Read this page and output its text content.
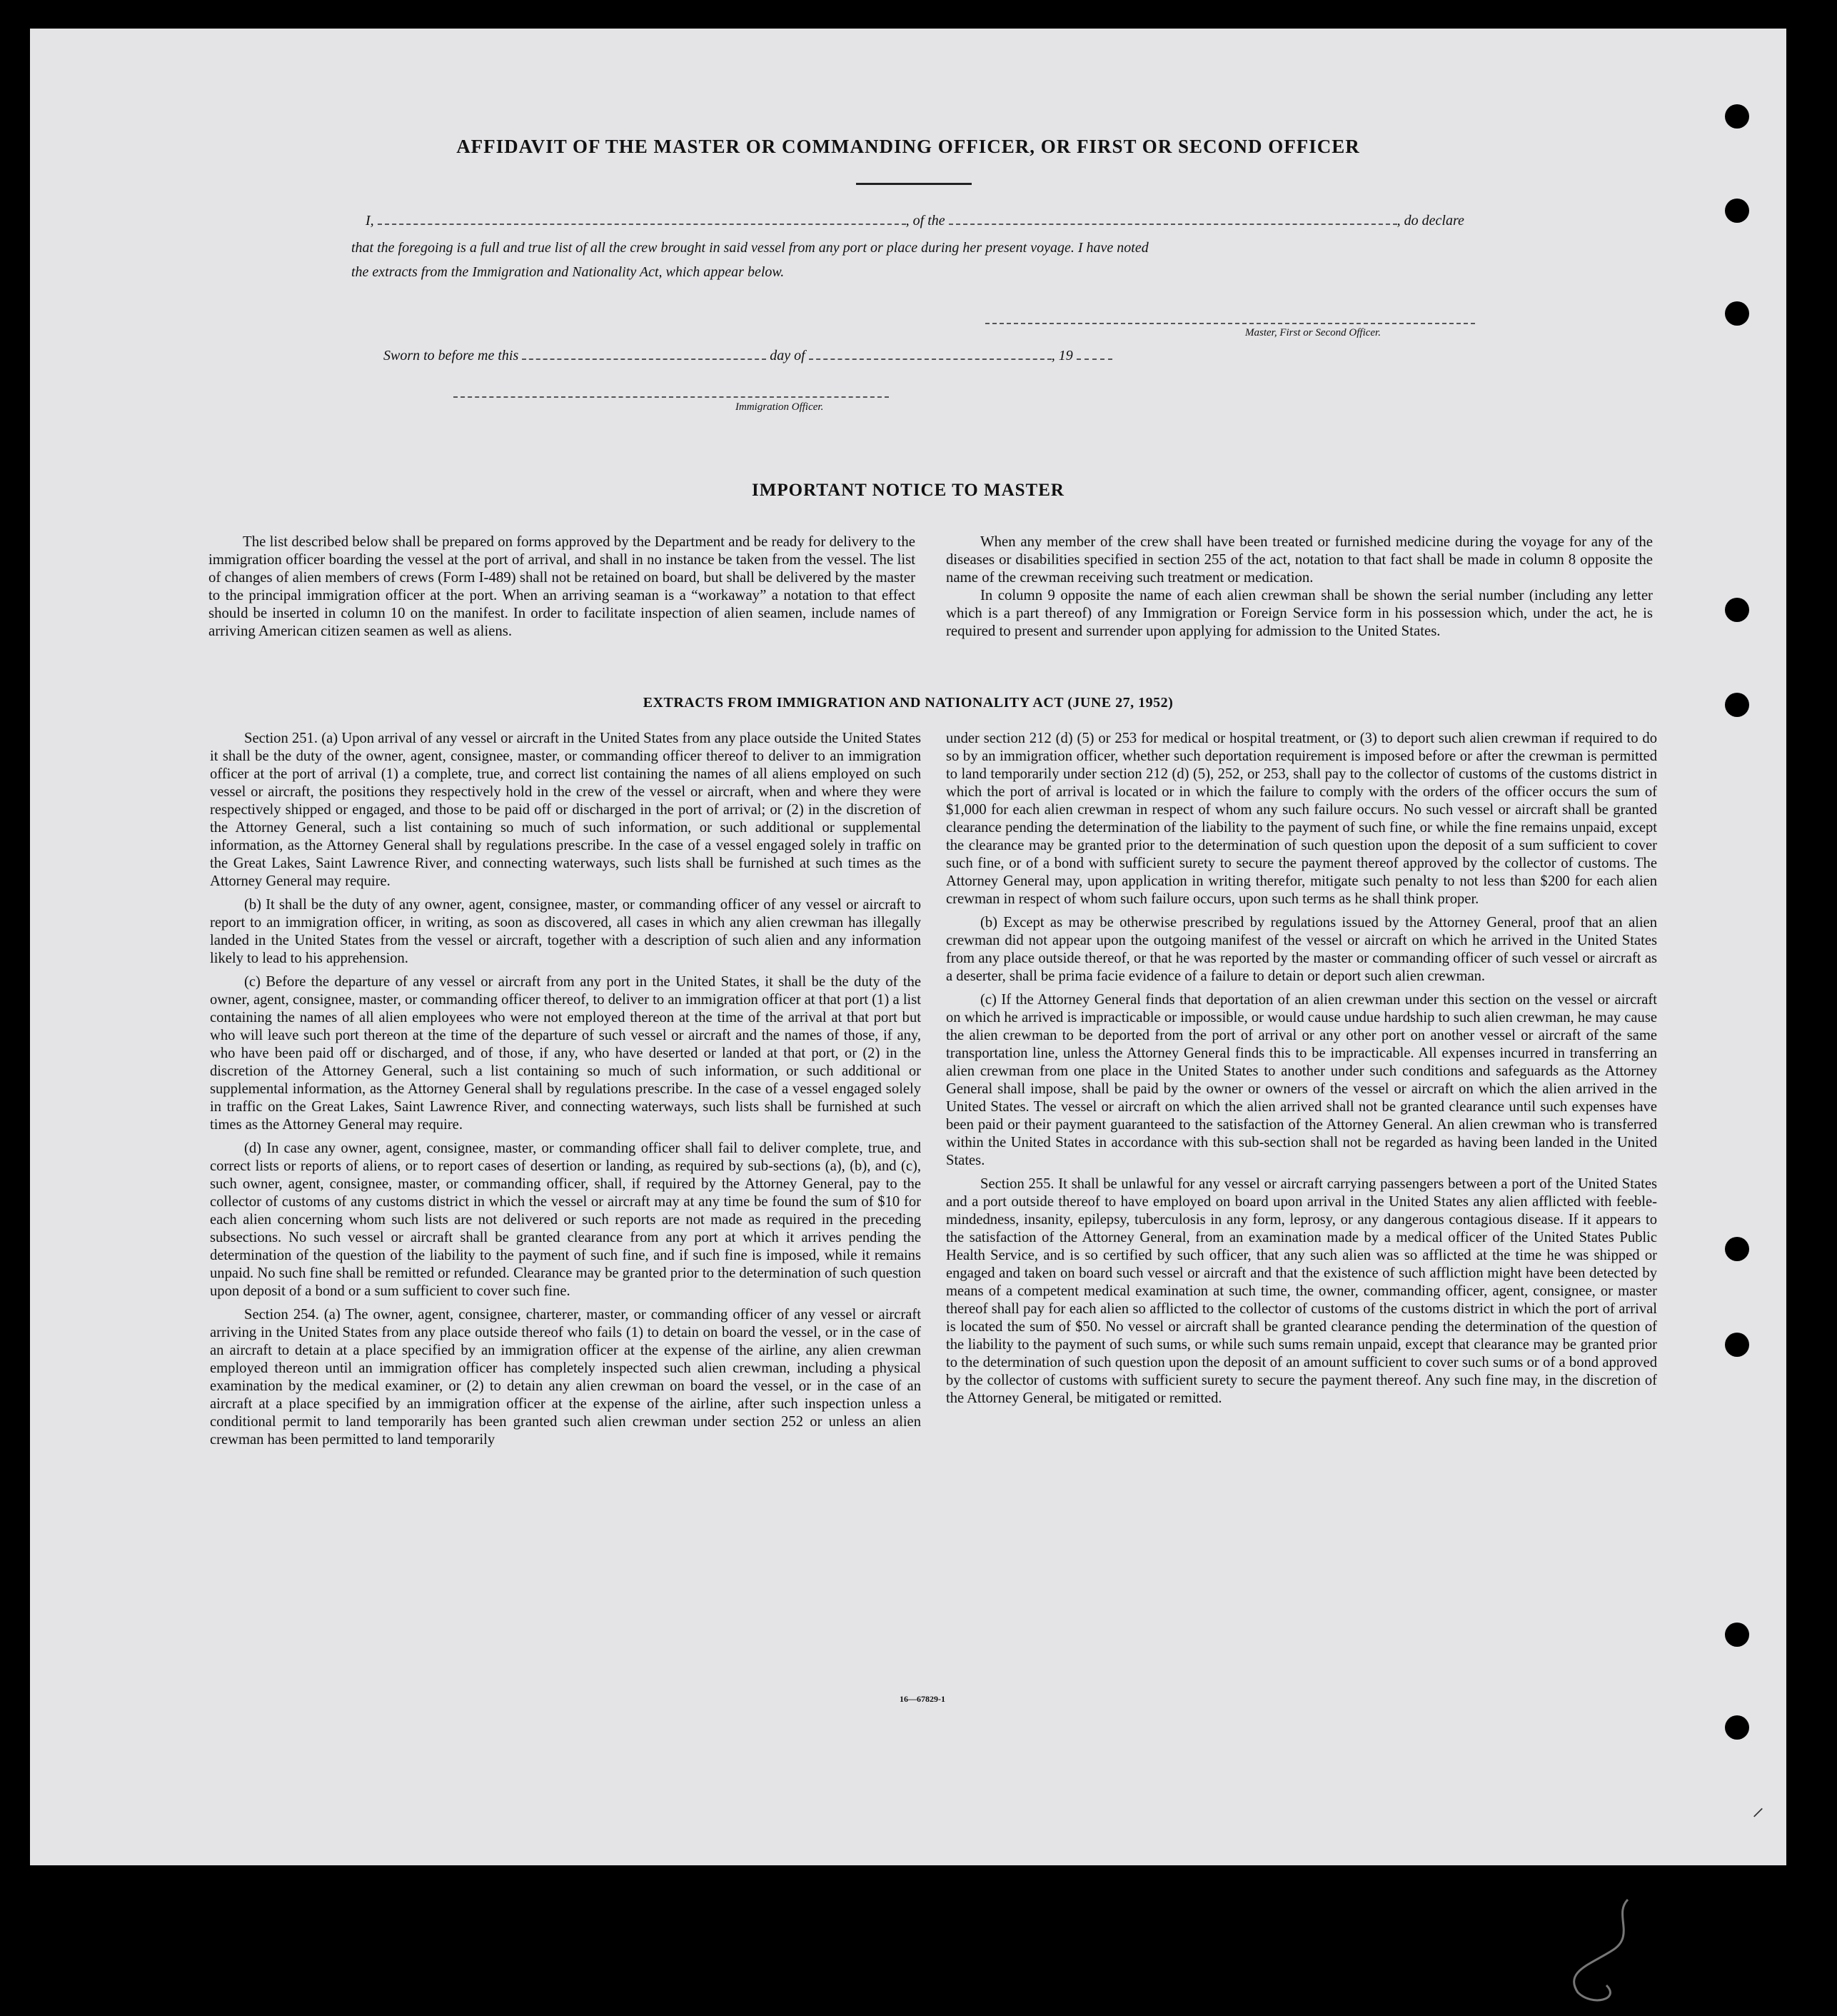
AFFIDAVIT OF THE MASTER OR COMMANDING OFFICER, OR FIRST OR SECOND OFFICER
I,	, of the	, do declare
that the foregoing is a full and true list of all the crew brought in said vessel from any port or place during her present voyage. I have noted
the extracts from the Immigration and Nationality Act, which appear below.
Master, First or Second Officer.
Sworn to before me this	day of	, 19
Immigration Officer.
IMPORTANT NOTICE TO MASTER

The list described below shall be prepared on forms approved by the Department and be ready for delivery to the immigration officer boarding the vessel at the port of arrival, and shall in no instance be taken from the vessel. The list of changes of alien members of crews (Form I-489) shall not be retained on board, but shall be delivered by the master to the principal immigration officer at the port. When an arriving seaman is a “workaway” a notation to that effect should be inserted in column 10 on the manifest. In order to facilitate inspection of alien seamen, include names of arriving American citizen seamen as well as aliens.

When any member of the crew shall have been treated or furnished medicine during the voyage for any of the diseases or disabilities specified in section 255 of the act, notation to that fact shall be made in column 8 opposite the name of the crewman receiving such treatment or medication.

In column 9 opposite the name of each alien crewman shall be shown the serial number (including any letter which is a part thereof) of any Immigration or Foreign Service form in his possession which, under the act, he is required to present and surrender upon applying for admission to the United States.

EXTRACTS FROM IMMIGRATION AND NATIONALITY ACT (JUNE 27, 1952)

Section 251. (a) Upon arrival of any vessel or aircraft in the United States from any place outside the United States it shall be the duty of the owner, agent, consignee, master, or commanding officer thereof to deliver to an immigration officer at the port of arrival (1) a complete, true, and correct list containing the names of all aliens employed on such vessel or aircraft, the positions they respectively hold in the crew of the vessel or aircraft, when and where they were respectively shipped or engaged, and those to be paid off or discharged in the port of arrival; or (2) in the discretion of the Attorney General, such a list containing so much of such information, or such additional or supplemental information, as the Attorney General shall by regulations prescribe. In the case of a vessel engaged solely in traffic on the Great Lakes, Saint Lawrence River, and connecting waterways, such lists shall be furnished at such times as the Attorney General may require.

(b) It shall be the duty of any owner, agent, consignee, master, or commanding officer of any vessel or aircraft to report to an immigration officer, in writing, as soon as discovered, all cases in which any alien crewman has illegally landed in the United States from the vessel or aircraft, together with a description of such alien and any information likely to lead to his apprehension.

(c) Before the departure of any vessel or aircraft from any port in the United States, it shall be the duty of the owner, agent, consignee, master, or commanding officer thereof, to deliver to an immigration officer at that port (1) a list containing the names of all alien employees who were not employed thereon at the time of the arrival at that port but who will leave such port thereon at the time of the departure of such vessel or aircraft and the names of those, if any, who have been paid off or discharged, and of those, if any, who have deserted or landed at that port, or (2) in the discretion of the Attorney General, such a list containing so much of such information, or such additional or supplemental information, as the Attorney General shall by regulations prescribe. In the case of a vessel engaged solely in traffic on the Great Lakes, Saint Lawrence River, and connecting waterways, such lists shall be furnished at such times as the Attorney General may require.

(d) In case any owner, agent, consignee, master, or commanding officer shall fail to deliver complete, true, and correct lists or reports of aliens, or to report cases of desertion or landing, as required by sub-sections (a), (b), and (c), such owner, agent, consignee, master, or commanding officer, shall, if required by the Attorney General, pay to the collector of customs of any customs district in which the vessel or aircraft may at any time be found the sum of $10 for each alien concerning whom such lists are not delivered or such reports are not made as required in the preceding subsections. No such vessel or aircraft shall be granted clearance from any port at which it arrives pending the determination of the question of the liability to the payment of such fine, and if such fine is imposed, while it remains unpaid. No such fine shall be remitted or refunded. Clearance may be granted prior to the determination of such question upon deposit of a bond or a sum sufficient to cover such fine.

Section 254. (a) The owner, agent, consignee, charterer, master, or commanding officer of any vessel or aircraft arriving in the United States from any place outside thereof who fails (1) to detain on board the vessel, or in the case of an aircraft to detain at a place specified by an immigration officer at the expense of the airline, any alien crewman employed thereon until an immigration officer has completely inspected such alien crewman, including a physical examination by the medical examiner, or (2) to detain any alien crewman on board the vessel, or in the case of an aircraft at a place specified by an immigration officer at the expense of the airline, after such inspection unless a conditional permit to land temporarily has been granted such alien crewman under section 252 or unless an alien crewman has been permitted to land temporarily

under section 212 (d) (5) or 253 for medical or hospital treatment, or (3) to deport such alien crewman if required to do so by an immigration officer, whether such deportation requirement is imposed before or after the crewman is permitted to land temporarily under section 212 (d) (5), 252, or 253, shall pay to the collector of customs of the customs district in which the port of arrival is located or in which the failure to comply with the orders of the officer occurs the sum of $1,000 for each alien crewman in respect of whom any such failure occurs. No such vessel or aircraft shall be granted clearance pending the determination of the liability to the payment of such fine, or while the fine remains unpaid, except the clearance may be granted prior to the determination of such question upon the deposit of a sum sufficient to cover such fine, or of a bond with sufficient surety to secure the payment thereof approved by the collector of customs. The Attorney General may, upon application in writing therefor, mitigate such penalty to not less than $200 for each alien crewman in respect of whom such failure occurs, upon such terms as he shall think proper.

(b) Except as may be otherwise prescribed by regulations issued by the Attorney General, proof that an alien crewman did not appear upon the outgoing manifest of the vessel or aircraft on which he arrived in the United States from any place outside thereof, or that he was reported by the master or commanding officer of such vessel or aircraft as a deserter, shall be prima facie evidence of a failure to detain or deport such alien crewman.

(c) If the Attorney General finds that deportation of an alien crewman under this section on the vessel or aircraft on which he arrived is impracticable or impossible, or would cause undue hardship to such alien crewman, he may cause the alien crewman to be deported from the port of arrival or any other port on another vessel or aircraft of the same transportation line, unless the Attorney General finds this to be impracticable. All expenses incurred in transferring an alien crewman from one place in the United States to another under such conditions and safeguards as the Attorney General shall impose, shall be paid by the owner or owners of the vessel or aircraft on which the alien arrived in the United States. The vessel or aircraft on which the alien arrived shall not be granted clearance until such expenses have been paid or their payment guaranteed to the satisfaction of the Attorney General. An alien crewman who is transferred within the United States in accordance with this sub-section shall not be regarded as having been landed in the United States.

Section 255. It shall be unlawful for any vessel or aircraft carrying passengers between a port of the United States and a port outside thereof to have employed on board upon arrival in the United States any alien afflicted with feeble-mindedness, insanity, epilepsy, tuberculosis in any form, leprosy, or any dangerous contagious disease. If it appears to the satisfaction of the Attorney General, from an examination made by a medical officer of the United States Public Health Service, and is so certified by such officer, that any such alien was so afflicted at the time he was shipped or engaged and taken on board such vessel or aircraft and that the existence of such affliction might have been detected by means of a competent medical examination at such time, the owner, commanding officer, agent, consignee, or master thereof shall pay for each alien so afflicted to the collector of customs of the customs district in which the port of arrival is located the sum of $50. No vessel or aircraft shall be granted clearance pending the determination of the question of the liability to the payment of such sums, or while such sums remain unpaid, except that clearance may be granted prior to the determination of such question upon the deposit of an amount sufficient to cover such sums or of a bond approved by the collector of customs with sufficient surety to secure the payment thereof. Any such fine may, in the discretion of the Attorney General, be mitigated or remitted.

16—67829-1
⸍
